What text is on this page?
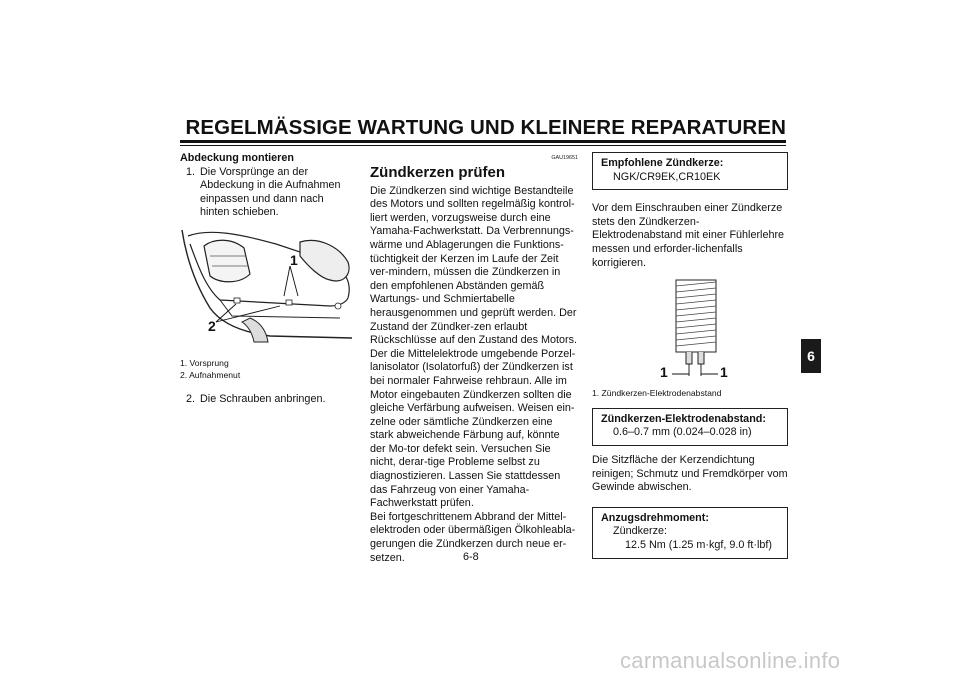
REGELMÄSSIGE WARTUNG UND KLEINERE REPARATUREN

Abdeckung montieren

1. Die Vorsprünge an der Abdeckung in die Aufnahmen einpassen und dann nach hinten schieben.
1
2

1. Vorsprung

2. Aufnahmenut

2. Die Schrauben anbringen.
GAU19651

Zündkerzen prüfen

Die Zündkerzen sind wichtige Bestandteile des Motors und sollten regelmäßig kontrol-liert werden, vorzugsweise durch eine Yamaha-Fachwerkstatt. Da Verbrennungs-wärme und Ablagerungen die Funktions-tüchtigkeit der Kerzen im Laufe der Zeit ver-mindern, müssen die Zündkerzen in den empfohlenen Abständen gemäß Wartungs- und Schmiertabelle herausgenommen und geprüft werden. Der Zustand der Zündker-zen erlaubt Rückschlüsse auf den Zustand des Motors.

Der die Mittelelektrode umgebende Porzel-lanisolator (Isolatorfuß) der Zündkerzen ist bei normaler Fahrweise rehbraun. Alle im Motor eingebauten Zündkerzen sollten die gleiche Verfärbung aufweisen. Weisen ein-zelne oder sämtliche Zündkerzen eine stark abweichende Färbung auf, könnte der Mo-tor defekt sein. Versuchen Sie nicht, derar-tige Probleme selbst zu diagnostizieren. Lassen Sie stattdessen das Fahrzeug von einer Yamaha-Fachwerkstatt prüfen.

Bei fortgeschrittenem Abbrand der Mittel-elektroden oder übermäßigen Ölkohleabla-gerungen die Zündkerzen durch neue er-setzen.

Empfohlene Zündkerze:
NGK/CR9EK,CR10EK

Vor dem Einschrauben einer Zündkerze stets den Zündkerzen-Elektrodenabstand mit einer Fühlerlehre messen und erforder-lichenfalls korrigieren.

1	1

1. Zündkerzen-Elektrodenabstand

Zündkerzen-Elektrodenabstand:
0.6–0.7 mm (0.024–0.028 in)

Die Sitzfläche der Kerzendichtung reinigen; Schmutz und Fremdkörper vom Gewinde abwischen.

Anzugsdrehmoment:
Zündkerze:
12.5 Nm (1.25 m·kgf, 9.0 ft·lbf)
6
6-8
carmanualsonline.info
